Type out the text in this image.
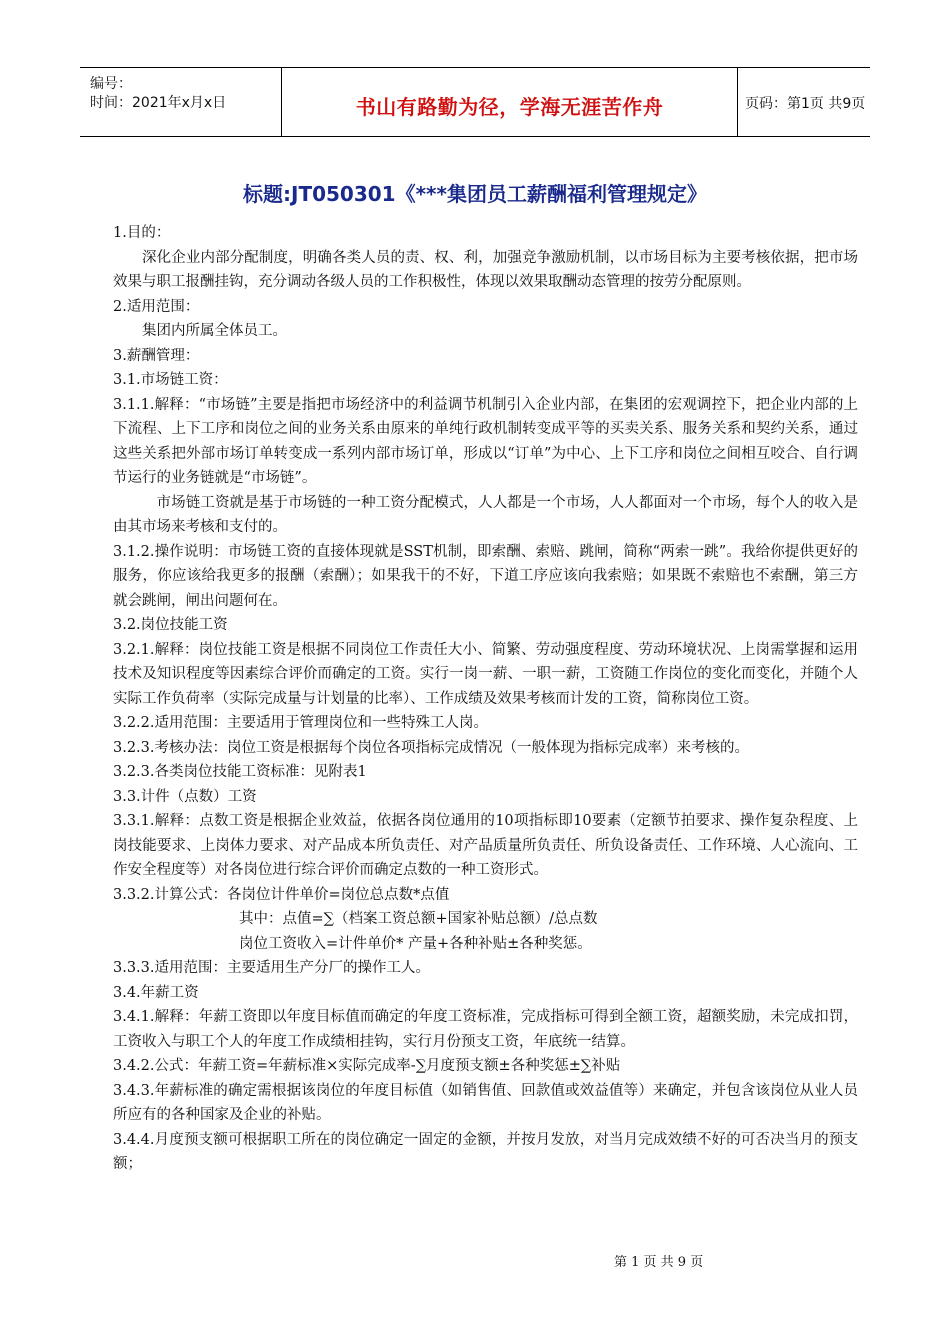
编号：
时间：2021年x月x日	书山有路勤为径，学海无涯苦作舟	页码：第1页 共9页
标题:JT050301《***集团员工薪酬福利管理规定》

1.目的：

深化企业内部分配制度，明确各类人员的责、权、利，加强竞争激励机制，以市场目标为主要考核依据，把市场效果与职工报酬挂钩，充分调动各级人员的工作积极性，体现以效果取酬动态管理的按劳分配原则。

2.适用范围：

集团内所属全体员工。

3.薪酬管理：

3.1.市场链工资：

3.1.1.解释：“市场链”主要是指把市场经济中的利益调节机制引入企业内部，在集团的宏观调控下，把企业内部的上下流程、上下工序和岗位之间的业务关系由原来的单纯行政机制转变成平等的买卖关系、服务关系和契约关系，通过这些关系把外部市场订单转变成一系列内部市场订单，形成以“订单”为中心、上下工序和岗位之间相互咬合、自行调节运行的业务链就是“市场链”。

市场链工资就是基于市场链的一种工资分配模式，人人都是一个市场，人人都面对一个市场，每个人的收入是由其市场来考核和支付的。

3.1.2.操作说明：市场链工资的直接体现就是SST机制，即索酬、索赔、跳闸，简称“两索一跳”。我给你提供更好的服务，你应该给我更多的报酬（索酬）；如果我干的不好，下道工序应该向我索赔；如果既不索赔也不索酬，第三方就会跳闸，闸出问题何在。

3.2.岗位技能工资

3.2.1.解释：岗位技能工资是根据不同岗位工作责任大小、简繁、劳动强度程度、劳动环境状况、上岗需掌握和运用技术及知识程度等因素综合评价而确定的工资。实行一岗一薪、一职一薪，工资随工作岗位的变化而变化，并随个人实际工作负荷率（实际完成量与计划量的比率）、工作成绩及效果考核而计发的工资，简称岗位工资。

3.2.2.适用范围：主要适用于管理岗位和一些特殊工人岗。

3.2.3.考核办法：岗位工资是根据每个岗位各项指标完成情况（一般体现为指标完成率）来考核的。

3.2.3.各类岗位技能工资标准：见附表1

3.3.计件（点数）工资

3.3.1.解释：点数工资是根据企业效益，依据各岗位通用的10项指标即10要素（定额节拍要求、操作复杂程度、上岗技能要求、上岗体力要求、对产品成本所负责任、对产品质量所负责任、所负设备责任、工作环境、人心流向、工作安全程度等）对各岗位进行综合评价而确定点数的一种工资形式。

3.3.2.计算公式：各岗位计件单价=岗位总点数*点值

其中：点值=∑（档案工资总额+国家补贴总额）/总点数

岗位工资收入=计件单价* 产量+各种补贴±各种奖惩。

3.3.3.适用范围：主要适用生产分厂的操作工人。

3.4.年薪工资

3.4.1.解释：年薪工资即以年度目标值而确定的年度工资标准，完成指标可得到全额工资，超额奖励，未完成扣罚，工资收入与职工个人的年度工作成绩相挂钩，实行月份预支工资，年底统一结算。

3.4.2.公式：年薪工资=年薪标准×实际完成率-∑月度预支额±各种奖惩±∑补贴

3.4.3.年薪标准的确定需根据该岗位的年度目标值（如销售值、回款值或效益值等）来确定，并包含该岗位从业人员所应有的各种国家及企业的补贴。

3.4.4.月度预支额可根据职工所在的岗位确定一固定的金额，并按月发放，对当月完成效绩不好的可否决当月的预支额；

第 1 页 共 9 页
